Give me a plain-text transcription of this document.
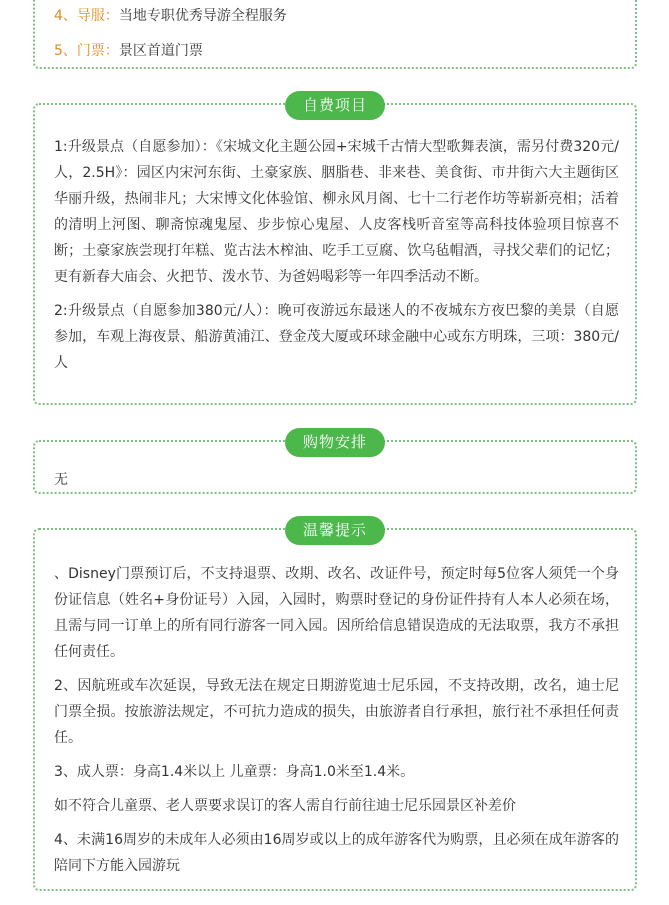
4、导服：当地专职优秀导游全程服务
5、门票：景区首道门票
自费项目

1:升级景点（自愿参加）：《宋城文化主题公园+宋城千古情大型歌舞表演，需另付费320元/人，2.5H》：园区内宋河东街、土豪家族、胭脂巷、非来巷、美食街、市井街六大主题街区华丽升级，热闹非凡；大宋博文化体验馆、柳永风月阁、七十二行老作坊等崭新亮相；活着的清明上河图、聊斋惊魂鬼屋、步步惊心鬼屋、人皮客栈听音室等高科技体验项目惊喜不断；土豪家族尝现打年糕、览古法木榨油、吃手工豆腐、饮乌毡帽酒，寻找父辈们的记忆；更有新春大庙会、火把节、泼水节、为爸妈喝彩等一年四季活动不断。

2:升级景点（自愿参加380元/人）：晚可夜游远东最迷人的不夜城东方夜巴黎的美景（自愿参加，车观上海夜景、船游黄浦江、登金茂大厦或环球金融中心或东方明珠，三项：380元/人

购物安排

无

温馨提示

、Disney门票预订后，不支持退票、改期、改名、改证件号，预定时每5位客人须凭一个身份证信息（姓名+身份证号）入园，入园时，购票时登记的身份证件持有人本人必须在场，且需与同一订单上的所有同行游客一同入园。因所给信息错误造成的无法取票，我方不承担任何责任。

2、因航班或车次延误，导致无法在规定日期游览迪士尼乐园，不支持改期，改名，迪士尼门票全损。按旅游法规定，不可抗力造成的损失，由旅游者自行承担，旅行社不承担任何责任。

3、成人票：身高1.4米以上 儿童票：身高1.0米至1.4米。

如不符合儿童票、老人票要求误订的客人需自行前往迪士尼乐园景区补差价

4、未满16周岁的未成年人必须由16周岁或以上的成年游客代为购票，且必须在成年游客的陪同下方能入园游玩
